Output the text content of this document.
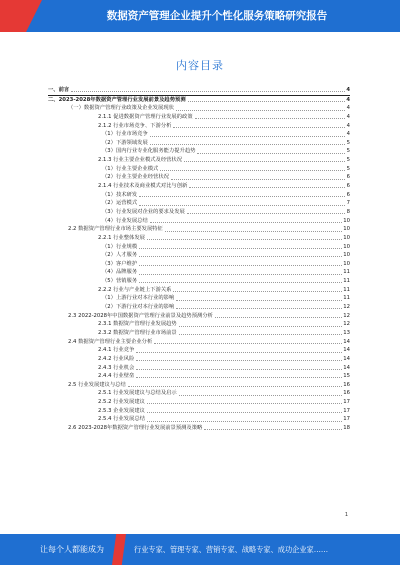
数据资产管理企业提升个性化服务策略研究报告
内容目录
一、前言	4
二、2023-2028年数据资产管理行业发展前景及趋势预测	4
（一）数据资产管理行业政策及企业发展现状	4
2.1.1 促进数据资产管理行业发展的政策	4
2.1.2 行业市场竞争、下游分析	4
（1）行业市场竞争	4
（2）下游领域发展	5
（3）国内行业专业化服务能力提升趋势	5
2.1.3 行业主要企业模式及经营状况	5
（1）行业主要企业模式	5
（2）行业主要企业经营状况	6
2.1.4 行业技术及商业模式对比与创新	6
（1）技术研发	6
（2）运营模式	7
（3）行业发展对企业的要求及发展	8
（4）行业发展总结	10
2.2 数据资产管理行业市场主要发展特征	10
2.2.1 行业整体发展	10
（1）行业规模	10
（2）人才服务	10
（3）客户维护	10
（4）品牌服务	11
（5）营销服务	11
2.2.2 行业与产业链上下游关系	11
（1）上游行业对本行业的影响	11
（2）下游行业对本行业的影响	12
2.3 2022-2028年中国数据资产管理行业前景及趋势预测分析	12
2.3.1 数据资产管理行业发展趋势	12
2.3.2 数据资产管理行业市场前景	13
2.4 数据资产管理行业主要企业分析	14
2.4.1 行业竞争	14
2.4.2 行业风险	14
2.4.3 行业机会	14
2.4.4 行业壁垒	15
2.5 行业发展建议与总结	16
2.5.1 行业发展建议与总结及启示	16
2.5.2 行业发展建议	17
2.5.3 企业发展建议	17
2.5.4 行业发展总结	17
2.6 2023-2028年数据资产管理行业发展前景预测及策略	18
1
让每个人都能成为	行业专家、管理专家、营销专家、战略专家、成功企业家……
